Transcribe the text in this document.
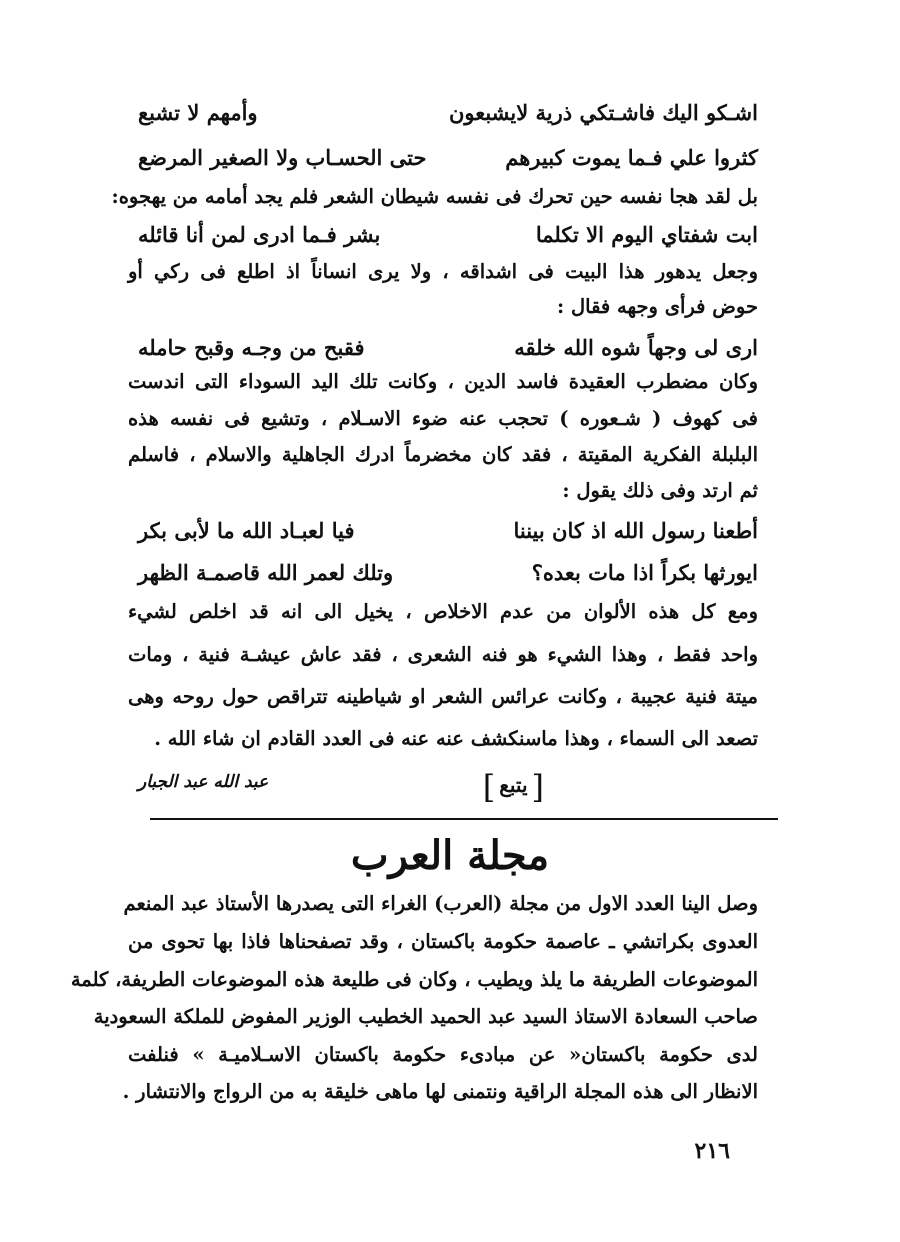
اشـكو اليك فاشـتكي ذرية لايشبعون
وأمهم لا تشبع
كثروا علي فـما يموت كبيرهم
حتى الحسـاب ولا الصغير المرضع
بل لقد هجا نفسه حين تحرك فى نفسه شيطان الشعر فلم يجد أمامه من يهجوه:
ابت شفتاي اليوم الا تكلما
بشر فـما ادرى لمن أنا قائله
وجعل يدهور هذا البيت فى اشداقه ، ولا يرى انساناً اذ اطلع فى ركي أو
حوض فرأى وجهه فقال :
ارى لى وجهاً شوه الله خلقه
فقبح من وجـه وقبح حامله
وكان مضطرب العقيدة فاسد الدين ، وكانت تلك اليد السوداء التى اندست
فى كهوف ( شـعوره ) تحجب عنه ضوء الاسـلام ، وتشيع فى نفسه هذه
البلبلة الفكرية المقيتة ، فقد كان مخضرماً ادرك الجاهلية والاسلام ، فاسلم
ثم ارتد وفى ذلك يقول :
أطعنا رسول الله اذ كان بيننا
فيا لعبـاد الله ما لأبى بكر
ايورثها بكراً اذا مات بعده؟
وتلك لعمر الله قاصمـة الظهر
ومع كل هذه الألوان من عدم الاخلاص ، يخيل الى انه قد اخلص لشيء
واحد فقط ، وهذا الشيء هو فنه الشعرى ، فقد عاش عيشـة فنية ، ومات
ميتة فنية عجيبة ، وكانت عرائس الشعر او شياطينه تتراقص حول روحه وهى
تصعد الى السماء ، وهذا ماسنكشف عنه عنه فى العدد القادم ان شاء الله .
[يتبع]
عبد الله عبد الجبار
مجلة العرب
وصل الينا العدد الاول من مجلة (العرب) الغراء التى يصدرها الأستاذ عبد المنعم
العدوى بكراتشي ـ عاصمة حكومة باكستان ، وقد تصفحناها فاذا بها تحوى من
الموضوعات الطريفة ما يلذ ويطيب ، وكان فى طليعة هذه الموضوعات الطريفة، كلمة
صاحب السعادة الاستاذ السيد عبد الحميد الخطيب الوزير المفوض للملكة السعودية
لدى حكومة باكستان« عن مبادىء حكومة باكستان الاسـلاميـة » فنلفت
الانظار الى هذه المجلة الراقية ونتمنى لها ماهى خليقة به من الرواج والانتشار .
٢١٦
